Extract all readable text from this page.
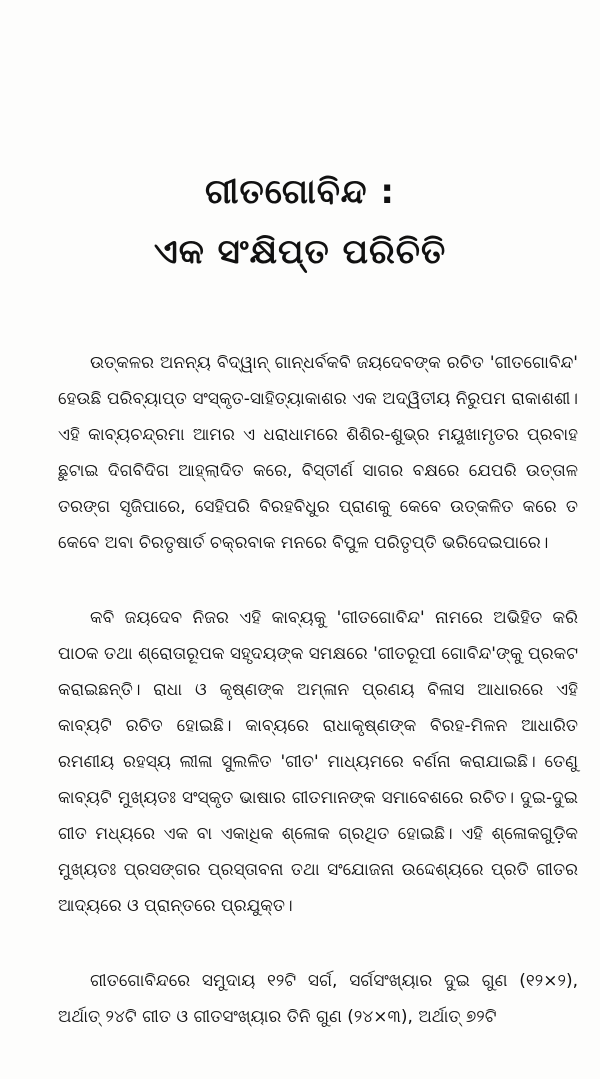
ଗୀତଗୋବିନ୍ଦ :
ଏକ ସଂକ୍ଷିପ୍ତ ପରିଚିତି

ଉତ୍କଳର ଅନନ୍ୟ ବିଦ୍ୱାନ୍ ଗାନ୍ଧର୍ବକବି ଜୟଦେବଙ୍କ ରଚିତ 'ଗୀତଗୋବିନ୍ଦ' ହେଉଛି ପରିବ୍ୟାପ୍ତ ସଂସ୍କୃତ-ସାହିତ୍ୟାକାଶର ଏକ ଅଦ୍ୱିତୀୟ ନିରୁପମ ରାକାଶଶୀ। ଏହି କାବ୍ୟଚନ୍ଦ୍ରମା ଆମର ଏ ଧରାଧାମରେ ଶିଶିର-ଶୁଭ୍ର ମୟୂଖାମୃତର ପ୍ରବାହ ଛୁଟାଇ ଦିଗବିଦିଗ ଆହ୍ଲାଦିତ କରେ, ବିସ୍ତୀର୍ଣ ସାଗର ବକ୍ଷରେ ଯେପରି ଉତ୍ତାଳ ତରଙ୍ଗ ସୃଜିପାରେ, ସେହିପରି ବିରହବିଧୁର ପ୍ରାଣକୁ କେବେ ଉତ୍କଳିତ କରେ ତ କେବେ ଅବା ଚିରତୃଷାର୍ତ ଚକ୍ରବାକ ମନରେ ବିପୁଳ ପରିତୃପ୍ତି ଭରିଦେଇପାରେ।

କବି ଜୟଦେବ ନିଜର ଏହି କାବ୍ୟକୁ 'ଗୀତଗୋବିନ୍ଦ' ନାମରେ ଅଭିହିତ କରି ପାଠକ ତଥା ଶ୍ରୋତାରୂପକ ସହୃଦୟଙ୍କ ସମକ୍ଷରେ 'ଗୀତରୂପୀ ଗୋବିନ୍ଦ'ଙ୍କୁ ପ୍ରକଟ କରାଇଛନ୍ତି। ରାଧା ଓ କୃଷ୍ଣଙ୍କ ଅମ୍ଳାନ ପ୍ରଣୟ ବିଳାସ ଆଧାରରେ ଏହି କାବ୍ୟଟି ରଚିତ ହୋଇଛି। କାବ୍ୟରେ ରାଧାକୃଷ୍ଣଙ୍କ ବିରହ-ମିଳନ ଆଧାରିତ ରମଣୀୟ ରହସ୍ୟ ଲୀଳା ସୁଲଳିତ 'ଗୀତ' ମାଧ୍ୟମରେ ବର୍ଣନା କରାଯାଇଛି। ତେଣୁ କାବ୍ୟଟି ମୁଖ୍ୟତଃ ସଂସ୍କୃତ ଭାଷାର ଗୀତମାନଙ୍କ ସମାବେଶରେ ରଚିତ। ଦୁଇ-ଦୁଇ ଗୀତ ମଧ୍ୟରେ ଏକ ବା ଏକାଧିକ ଶ୍ଳୋକ ଗ୍ରଥିତ ହୋଇଛି। ଏହି ଶ୍ଳୋକଗୁଡ଼ିକ ମୁଖ୍ୟତଃ ପ୍ରସଙ୍ଗର ପ୍ରସ୍ତାବନା ତଥା ସଂଯୋଜନା ଉଦ୍ଦେଶ୍ୟରେ ପ୍ରତି ଗୀତର ଆଦ୍ୟରେ ଓ ପ୍ରାନ୍ତରେ ପ୍ରଯୁକ୍ତ।

ଗୀତଗୋବିନ୍ଦରେ ସମୁଦାୟ ୧୨ଟି ସର୍ଗ, ସର୍ଗସଂଖ୍ୟାର ଦୁଇ ଗୁଣ (୧୨×୨), ଅର୍ଥାତ୍ ୨୪ଟି ଗୀତ ଓ ଗୀତସଂଖ୍ୟାର ତିନି ଗୁଣ (୨୪×୩), ଅର୍ଥାତ୍ ୭୨ଟି
